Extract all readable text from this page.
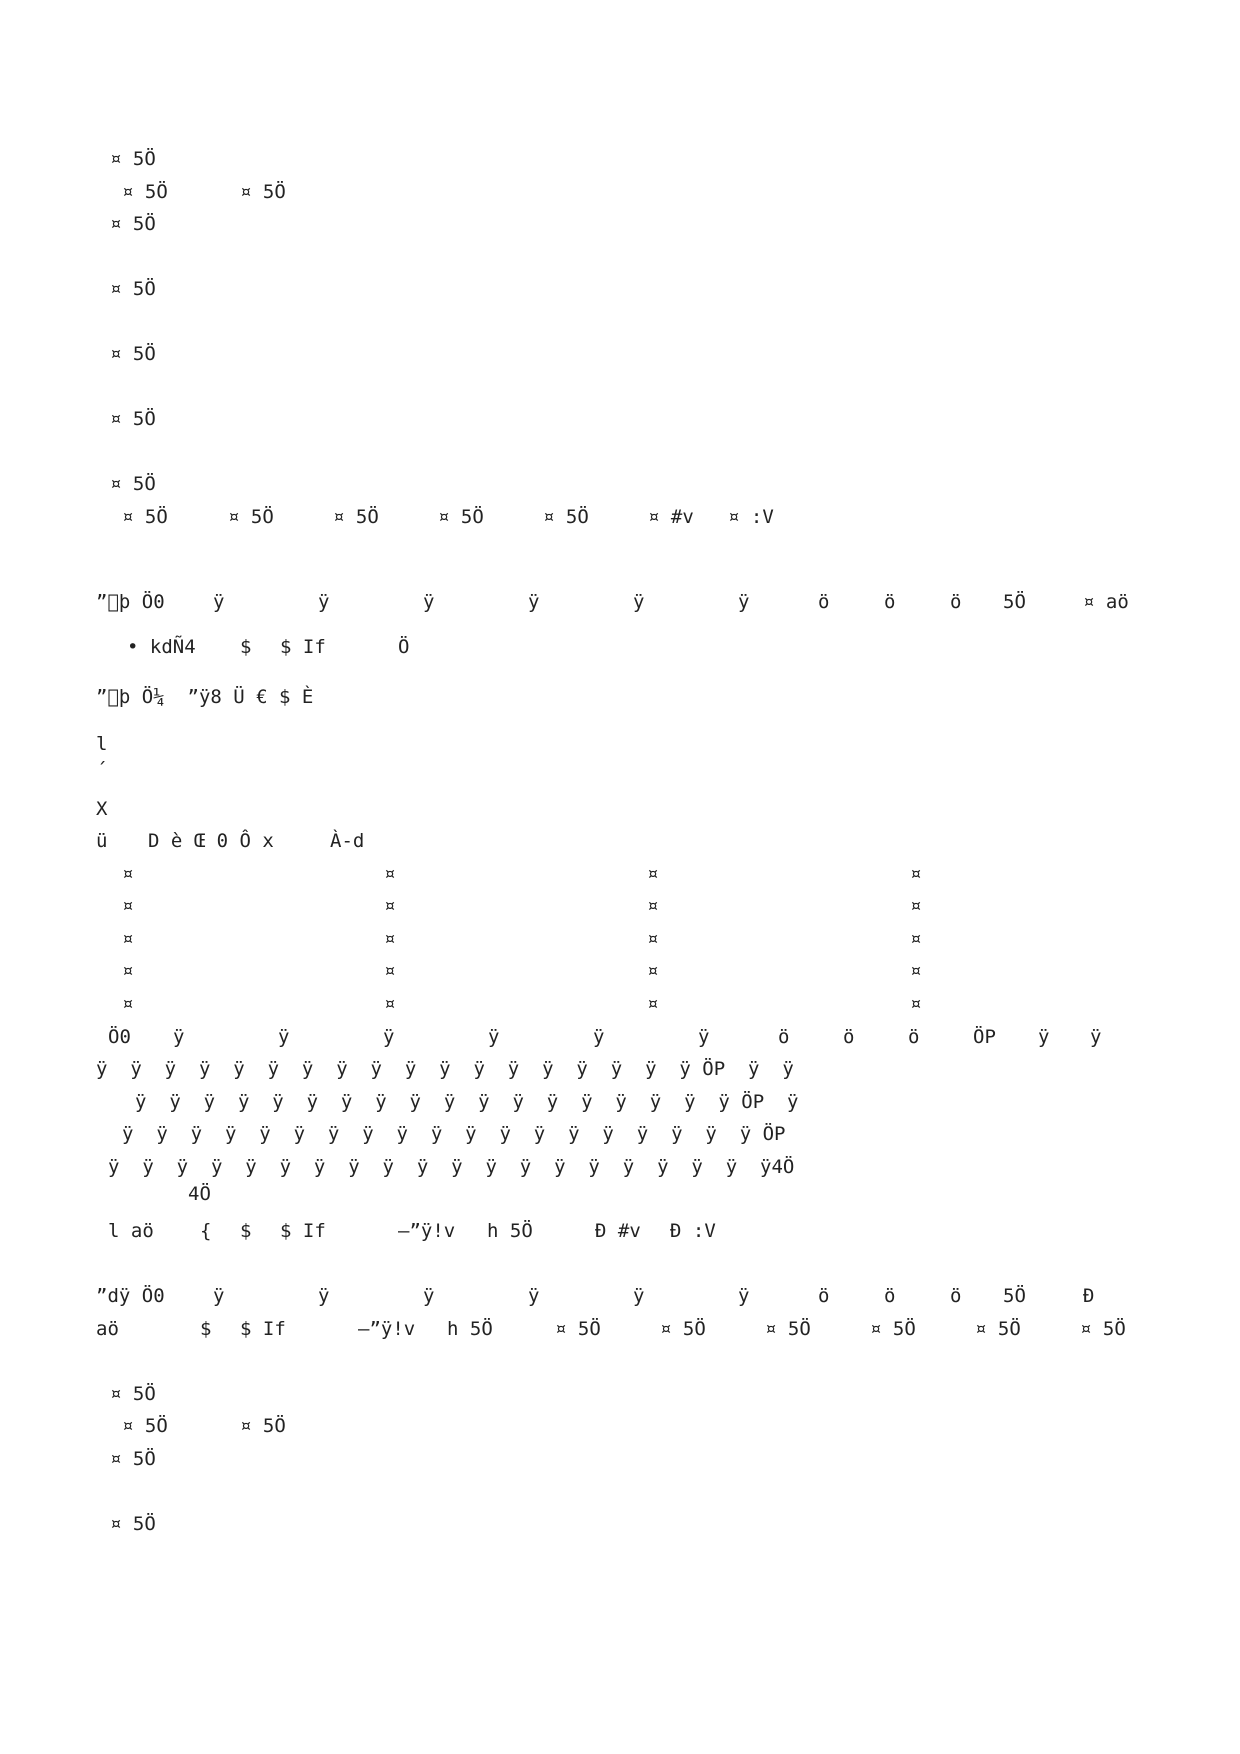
¤ 5Ö
¤ 5Ö	¤ 5Ö
¤ 5Ö
¤ 5Ö
¤ 5Ö
¤ 5Ö
¤ 5Ö
¤ 5Ö	¤ 5Ö	¤ 5Ö	¤ 5Ö	¤ 5Ö	¤ #v ¤ :V
” þ Ö0	ÿ	ÿ	ÿ	ÿ	ÿ	ÿ	ö	ö	ö 5Ö	¤ aö
• kdÑ4 $ $ If	Ö
” þ Ö¼  ”ÿ8 Ü € $ È
l
´
X
ü D è Œ 0 Ô x	À-d
¤	¤	¤	¤
¤	¤	¤	¤
¤	¤	¤	¤
¤	¤	¤	¤
¤	¤	¤	¤
Ö0 ÿ	ÿ	ÿ	ÿ	ÿ	ÿ	ö	ö	ö	ÖP ÿ ÿ
ÿ  ÿ  ÿ  ÿ  ÿ  ÿ  ÿ  ÿ  ÿ  ÿ  ÿ  ÿ  ÿ  ÿ  ÿ  ÿ  ÿ  ÿ ÖP  ÿ  ÿ
ÿ  ÿ  ÿ  ÿ  ÿ  ÿ  ÿ  ÿ  ÿ  ÿ  ÿ  ÿ  ÿ  ÿ  ÿ  ÿ  ÿ  ÿ ÖP  ÿ
ÿ  ÿ  ÿ  ÿ  ÿ  ÿ  ÿ  ÿ  ÿ  ÿ  ÿ  ÿ  ÿ  ÿ  ÿ  ÿ  ÿ  ÿ  ÿ ÖP
ÿ  ÿ  ÿ  ÿ  ÿ  ÿ  ÿ  ÿ  ÿ  ÿ  ÿ  ÿ  ÿ  ÿ  ÿ  ÿ  ÿ  ÿ  ÿ  ÿ4Ö
4Ö
l aö { $ $ If	–”ÿ!v h 5Ö	Ð #v Ð :V
”dÿ Ö0	ÿ	ÿ	ÿ	ÿ	ÿ	ÿ	ö	ö	ö 5Ö	Ð
aö	$ $ If	–”ÿ!v h 5Ö	¤ 5Ö	¤ 5Ö	¤ 5Ö	¤ 5Ö	¤ 5Ö	¤ 5Ö
¤ 5Ö
¤ 5Ö	¤ 5Ö
¤ 5Ö
¤ 5Ö
